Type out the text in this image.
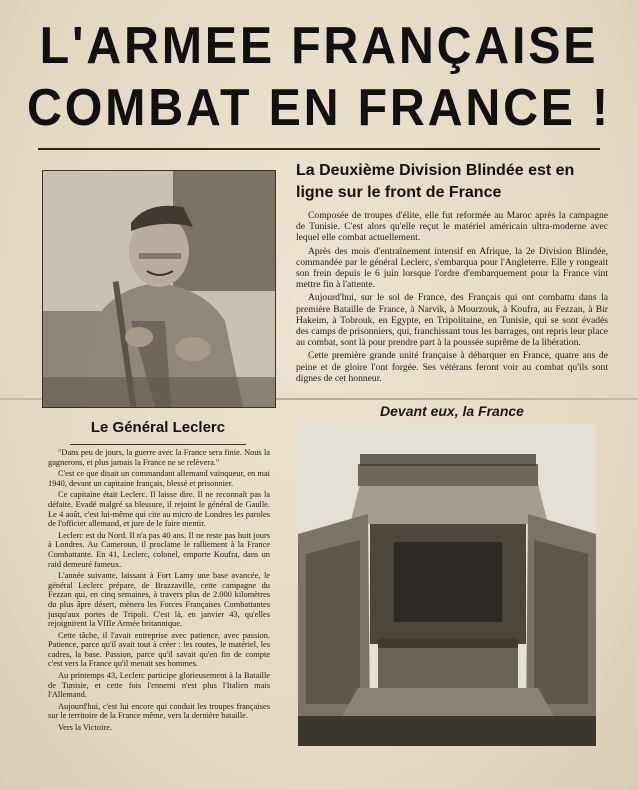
L'ARMEE FRANÇAISE
COMBAT EN FRANCE !
Le Général Leclerc

"Dans peu de jours, la guerre avec la France sera finie. Nous la gagnerons, et plus jamais la France ne se relèvera."

C'est ce que disait un commandant allemand vainqueur, en mai 1940, devant un capitaine français, blessé et prisonnier.

Ce capitaine était Leclerc. Il laisse dire. Il ne reconnaît pas la défaite. Evadé malgré sa blessure, il rejoint le général de Gaulle. Le 4 août, c'est lui-même qui cite au micro de Londres les paroles de l'officier allemand, et jure de le faire mentir.

Leclerc est du Nord. Il n'a pas 40 ans. Il ne reste pas huit jours à Londres. Au Cameroun, il proclame le ralliement à la France Combattante. En 41, Leclerc, colonel, emporte Koufra, dans un raid demeuré fameux.

L'année suivante, laissant à Fort Lamy une base avancée, le général Leclerc prépare, de Brazzaville, cette campagne du Fezzan qui, en cinq semaines, à travers plus de 2.000 kilomètres du plus âpre désert, mènera les Forces Françaises Combattantes jusqu'aux portes de Tripoli. C'est là, en janvier 43, qu'elles rejoignirent la VIIIe Armée britannique.

Cette tâche, il l'avait entreprise avec patience, avec passion. Patience, parce qu'il avait tout à créer : les routes, le matériel, les cadres, la base. Passion, parce qu'il savait qu'en fin de compte c'est vers la France qu'il menait ses hommes.

Au printemps 43, Leclerc participe glorieusement à la Bataille de Tunisie, et cette fois l'ennemi n'est plus l'Italien mais l'Allemand.

Aujourd'hui, c'est lui encore qui conduit les troupes françaises sur le territoire de la France même, vers la dernière bataille.

Vers la Victoire.

La Deuxième Division Blindée est en ligne sur le front de France

Composée de troupes d'élite, elle fut reformée au Maroc après la campagne de Tunisie. C'est alors qu'elle reçut le matériel américain ultra-moderne avec lequel elle combat actuellement.

Après des mois d'entraînement intensif en Afrique, la 2e Division Blindée, commandée par le général Leclerc, s'embarqua pour l'Angleterre. Elle y rongeait son frein depuis le 6 juin lorsque l'ordre d'embarquement pour la France vint mettre fin à l'attente.

Aujourd'hui, sur le sol de France, des Français qui ont combattu dans la première Bataille de France, à Narvik, à Mourzouk, à Koufra, au Fezzan, à Bir Hakeim, à Tobrouk, en Egypte, en Tripolitaine, en Tunisie, qui se sont évadés des camps de prisonniers, qui, franchissant tous les barrages, ont repris leur place au combat, sont là pour prendre part à la poussée suprême de la libération.

Cette première grande unité française à débarquer en France, quatre ans de peine et de gloire l'ont forgée. Ses vétérans feront voir au combat qu'ils sont dignes de cet honneur.

Devant eux, la France
